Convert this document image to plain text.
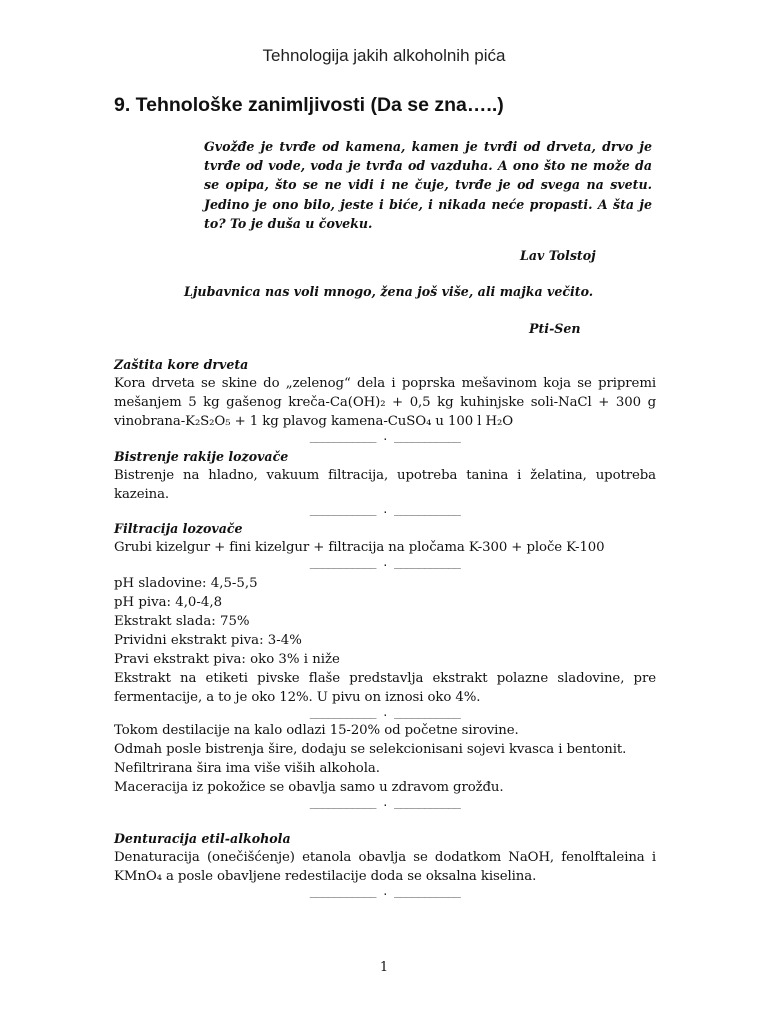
Tehnologija jakih alkoholnih pića
9. Tehnološke zanimljivosti (Da se zna…..)

Gvožđe je tvrđe od kamena, kamen je tvrđi od drveta, drvo je tvrđe od vode, voda je tvrđa od vazduha. A ono što ne može da se opipa, što se ne vidi i ne čuje, tvrđe je od svega na svetu. Jedino je ono bilo, jeste i biće, i nikada neće propasti. A šta je to? To je duša u čoveku.

Lav Tolstoj
Ljubavnica nas voli mnogo, žena još više, ali majka večito.
Pti-Sen

Zaštita kore drveta

Kora drveta se skine do „zelenog“ dela i poprska mešavinom koja se pripremi mešanjem 5 kg gašenog kreča-Ca(OH)₂ + 0,5 kg kuhinjske soli-NaCl + 300 g vinobrana-K₂S₂O₅ + 1 kg plavog kamena-CuSO₄ u 100 l H₂O

___________ . ___________

Bistrenje rakije lozovače

Bistrenje na hladno, vakuum filtracija, upotreba tanina i želatina, upotreba kazeina.

___________ . ___________

Filtracija lozovače

Grubi kizelgur + fini kizelgur + filtracija na pločama K-300 + ploče K-100

___________ . ___________

pH sladovine: 4,5-5,5

pH piva: 4,0-4,8

Ekstrakt slada: 75%

Prividni ekstrakt piva: 3-4%

Pravi ekstrakt piva: oko 3% i niže

Ekstrakt na etiketi pivske flaše predstavlja ekstrakt polazne sladovine, pre fermentacije, a to je oko 12%. U pivu on iznosi oko 4%.

___________ . ___________

Tokom destilacije na kalo odlazi 15-20% od početne sirovine.

Odmah posle bistrenja šire, dodaju se selekcionisani sojevi kvasca i bentonit.

Nefiltrirana šira ima više viših alkohola.

Maceracija iz pokožice se obavlja samo u zdravom grožđu.

___________ . ___________

Denturacija etil-alkohola

Denaturacija (onečišćenje) etanola obavlja se dodatkom NaOH, fenolftaleina i KMnO₄ a posle obavljene redestilacije doda se oksalna kiselina.

___________ . ___________

1
